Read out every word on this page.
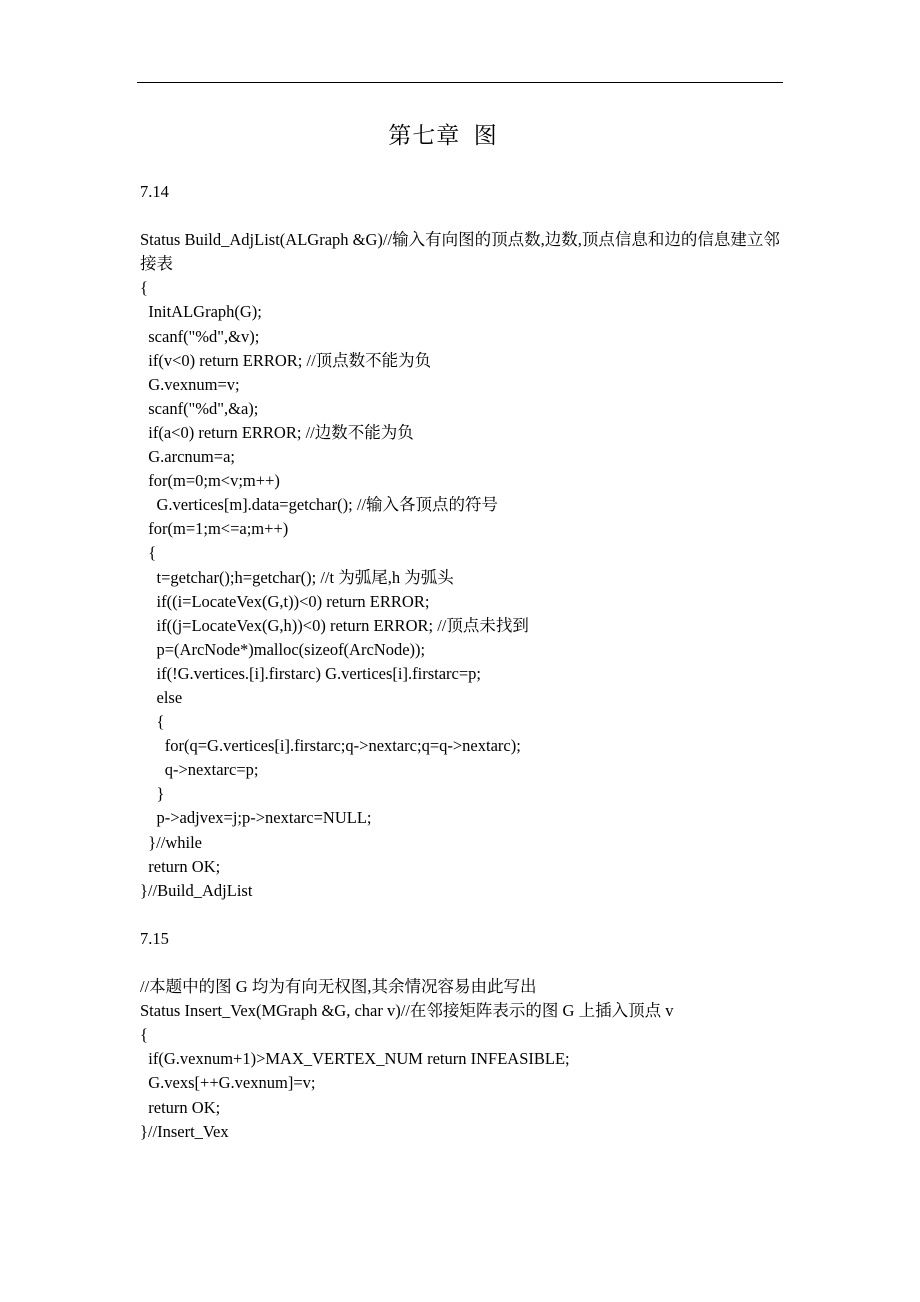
第七章  图
7.14
Status Build_AdjList(ALGraph &G)//输入有向图的顶点数,边数,顶点信息和边的信息建立邻接表
{
InitALGraph(G);
scanf("%d",&v);
if(v<0) return ERROR; //顶点数不能为负
G.vexnum=v;
scanf("%d",&a);
if(a<0) return ERROR; //边数不能为负
G.arcnum=a;
for(m=0;m<v;m++)
G.vertices[m].data=getchar(); //输入各顶点的符号
for(m=1;m<=a;m++)
{
t=getchar();h=getchar(); //t 为弧尾,h 为弧头
if((i=LocateVex(G,t))<0) return ERROR;
if((j=LocateVex(G,h))<0) return ERROR; //顶点未找到
p=(ArcNode*)malloc(sizeof(ArcNode));
if(!G.vertices.[i].firstarc) G.vertices[i].firstarc=p;
else
{
for(q=G.vertices[i].firstarc;q->nextarc;q=q->nextarc);
q->nextarc=p;
}
p->adjvex=j;p->nextarc=NULL;
}//while
return OK;
}//Build_AdjList
7.15
//本题中的图 G 均为有向无权图,其余情况容易由此写出
Status Insert_Vex(MGraph &G, char v)//在邻接矩阵表示的图 G 上插入顶点 v
{
if(G.vexnum+1)>MAX_VERTEX_NUM return INFEASIBLE;
G.vexs[++G.vexnum]=v;
return OK;
}//Insert_Vex
